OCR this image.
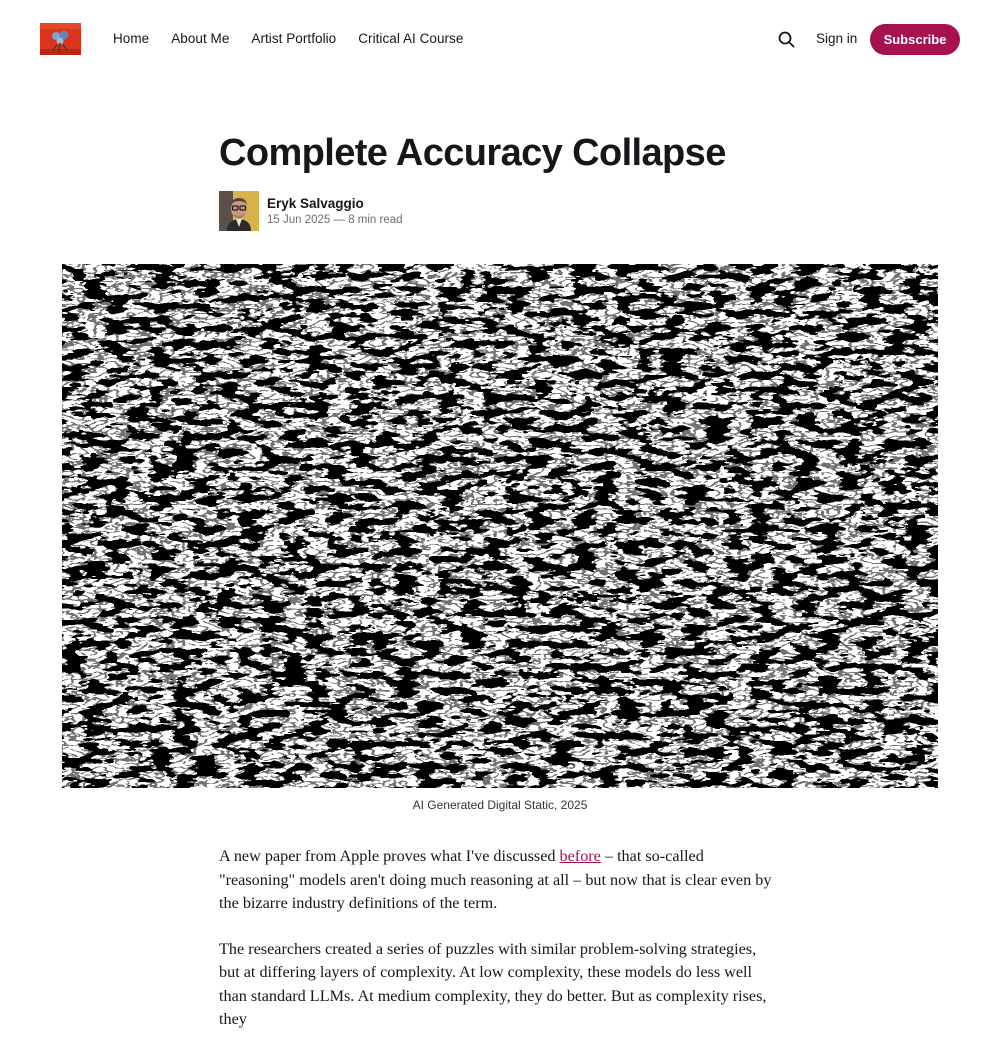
Home About Me Artist Portfolio Critical AI Course	Sign in	Subscribe
Complete Accuracy Collapse
Eryk Salvaggio
15 Jun 2025 — 8 min read
AI Generated Digital Static, 2025

A new paper from Apple proves what I've discussed before – that so-called "reasoning" models aren't doing much reasoning at all – but now that is clear even by the bizarre industry definitions of the term.

The researchers created a series of puzzles with similar problem-solving strategies, but at differing layers of complexity. At low complexity, these models do less well than standard LLMs. At medium complexity, they do better. But as complexity rises, they
